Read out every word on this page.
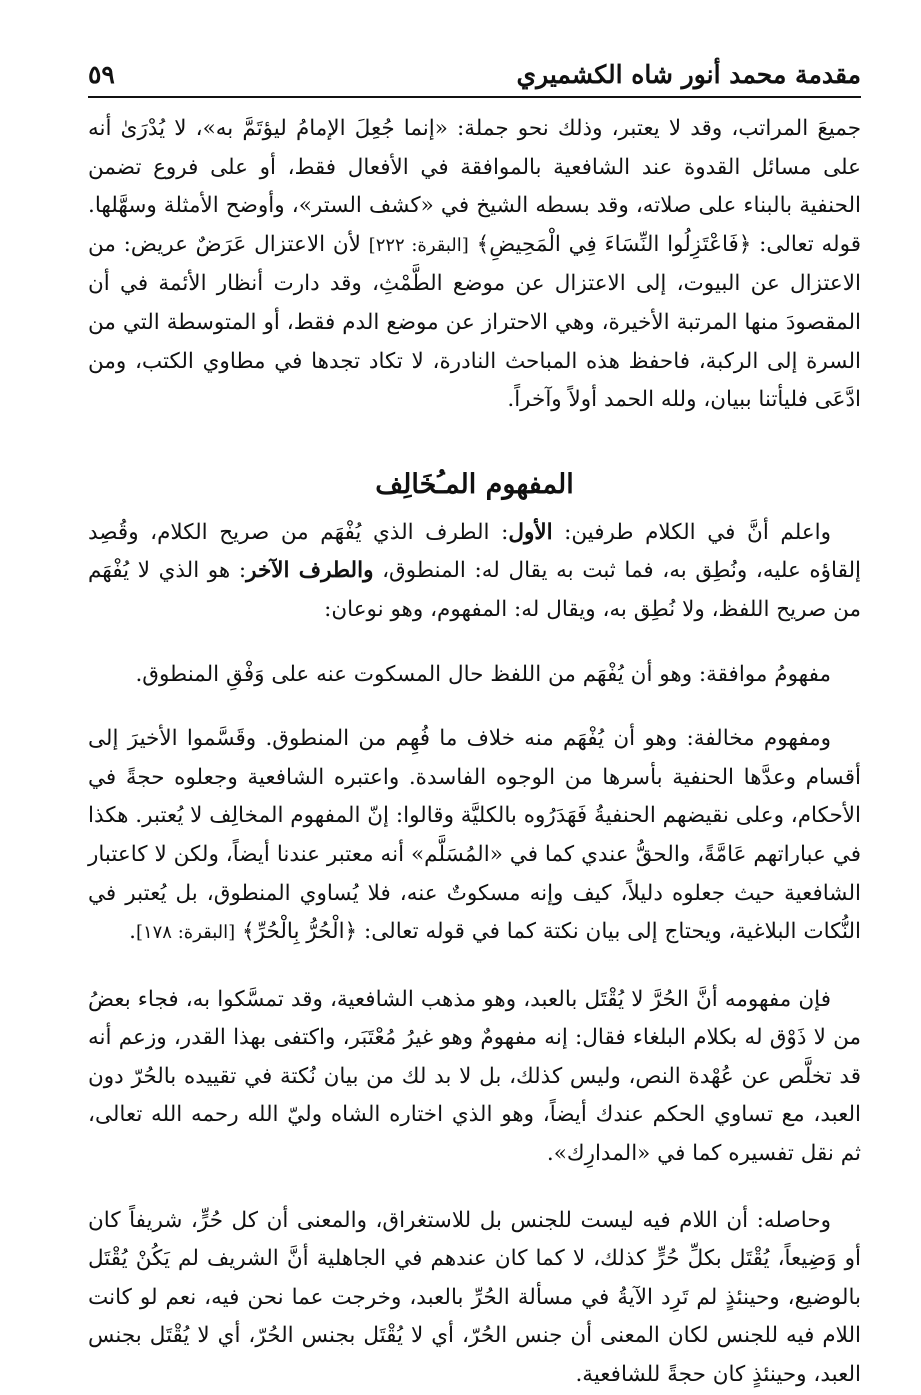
مقدمة محمد أنور شاه الكشميري
٥٩

جميعَ المراتب، وقد لا يعتبر، وذلك نحو جملة: «إنما جُعِلَ الإمامُ ليؤتَمَّ به»، لا يُدْرَىٰ أنه على مسائل القدوة عند الشافعية بالموافقة في الأفعال فقط، أو على فروع تضمن الحنفية بالبناء على صلاته، وقد بسطه الشيخ في «كشف الستر»، وأوضح الأمثلة وسهَّلها. قوله تعالى: ﴿فَاعْتَزِلُوا النِّسَاءَ فِي الْمَحِيضِ﴾ [البقرة: ٢٢٢] لأن الاعتزال عَرَضٌ عريض: من الاعتزال عن البيوت، إلى الاعتزال عن موضع الطَّمْثِ، وقد دارت أنظار الأئمة في أن المقصودَ منها المرتبة الأخيرة، وهي الاحتراز عن موضع الدم فقط، أو المتوسطة التي من السرة إلى الركبة، فاحفظ هذه المباحث النادرة، لا تكاد تجدها في مطاوي الكتب، ومن ادَّعَى فليأتنا ببيان، ولله الحمد أولاً وآخراً.

المفهوم المـُخَالِف

واعلم أنَّ في الكلام طرفين: الأول: الطرف الذي يُفْهَم من صريح الكلام، وقُصِد إلقاؤه عليه، ونُطِق به، فما ثبت به يقال له: المنطوق، والطرف الآخر: هو الذي لا يُفْهَم من صريح اللفظ، ولا نُطِق به، ويقال له: المفهوم، وهو نوعان:

مفهومُ موافقة: وهو أن يُفْهَم من اللفظ حال المسكوت عنه على وَفْقِ المنطوق.

ومفهوم مخالفة: وهو أن يُفْهَم منه خلاف ما فُهِم من المنطوق. وقَسَّموا الأخيرَ إلى أقسام وعدَّها الحنفية بأسرها من الوجوه الفاسدة. واعتبره الشافعية وجعلوه حجةً في الأحكام، وعلى نقيضهم الحنفيةُ فَهَدَرُوه بالكليَّة وقالوا: إنّ المفهوم المخالِف لا يُعتبر. هكذا في عباراتهم عَامَّةً، والحقُّ عندي كما في «المُسَلَّم» أنه معتبر عندنا أيضاً، ولكن لا كاعتبار الشافعية حيث جعلوه دليلاً، كيف وإنه مسكوتٌ عنه، فلا يُساوي المنطوق، بل يُعتبر في النُّكات البلاغية، ويحتاج إلى بيان نكتة كما في قوله تعالى: ﴿الْحُرُّ بِالْحُرِّ﴾ [البقرة: ١٧٨].

فإن مفهومه أنَّ الحُرَّ لا يُقْتَل بالعبد، وهو مذهب الشافعية، وقد تمسَّكوا به، فجاء بعضُ من لا ذَوْق له بكلام البلغاء فقال: إنه مفهومٌ وهو غيرُ مُعْتَبَر، واكتفى بهذا القدر، وزعم أنه قد تخلَّص عن عُهْدة النص، وليس كذلك، بل لا بد لك من بيان نُكتة في تقييده بالحُرّ دون العبد، مع تساوي الحكم عندك أيضاً، وهو الذي اختاره الشاه وليّ الله رحمه الله تعالى، ثم نقل تفسيره كما في «المدارِك».

وحاصله: أن اللام فيه ليست للجنس بل للاستغراق، والمعنى أن كل حُرٍّ، شريفاً كان أو وَضِيعاً، يُقْتَل بكلِّ حُرٍّ كذلك، لا كما كان عندهم في الجاهلية أنَّ الشريف لم يَكُنْ يُقْتَل بالوضيع، وحينئذٍ لم تَرِد الآيةُ في مسألة الحُرِّ بالعبد، وخرجت عما نحن فيه، نعم لو كانت اللام فيه للجنس لكان المعنى أن جنس الحُرّ، أي لا يُقْتَل بجنس الحُرّ، أي لا يُقْتَل بجنس العبد، وحينئذٍ كان حجةً للشافعية.
